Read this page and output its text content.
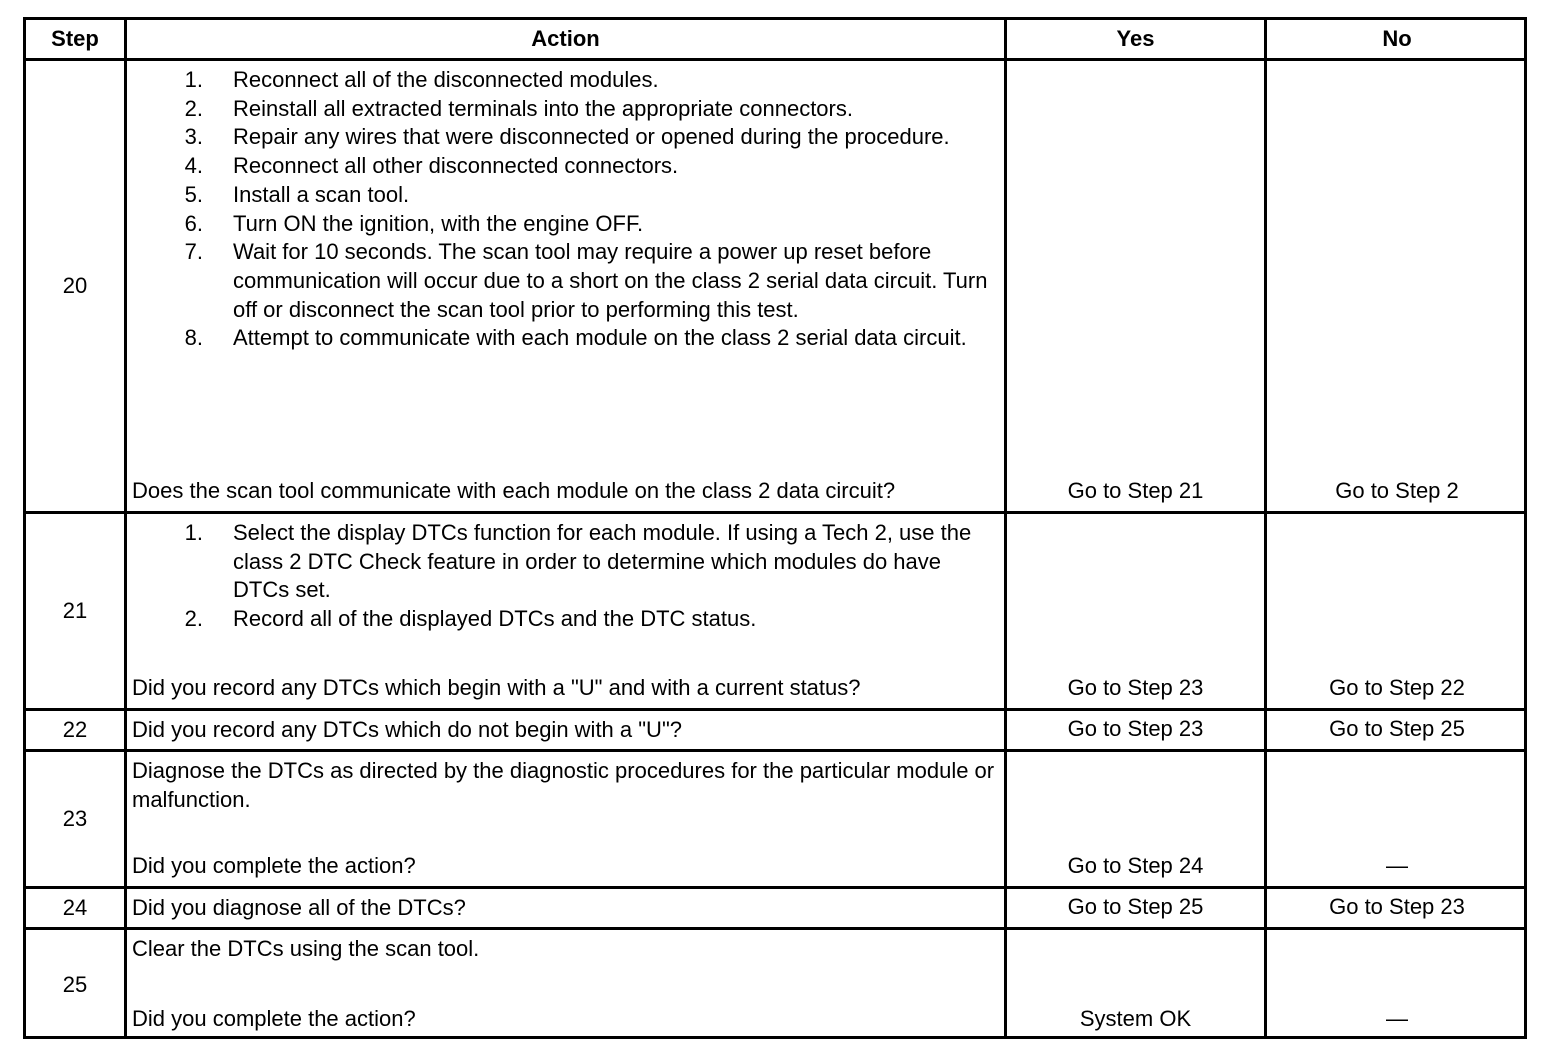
Step	Action	Yes	No
20
1.	Reconnect all of the disconnected modules.
2.	Reinstall all extracted terminals into the appropriate connectors.
3.	Repair any wires that were disconnected or opened during the procedure.
4.	Reconnect all other disconnected connectors.
5.	Install a scan tool.
6.	Turn ON the ignition, with the engine OFF.
7.	Wait for 10 seconds. The scan tool may require a power up reset before communication will occur due to a short on the class 2 serial data circuit. Turn off or disconnect the scan tool prior to performing this test.
8.	Attempt to communicate with each module on the class 2 serial data circuit.
Does the scan tool communicate with each module on the class 2 data circuit?	Go to Step 21	Go to Step 2
21
1.	Select the display DTCs function for each module. If using a Tech 2, use the class 2 DTC Check feature in order to determine which modules do have DTCs set.
2.	Record all of the displayed DTCs and the DTC status.
Did you record any DTCs which begin with a "U" and with a current status?	Go to Step 23	Go to Step 22
22 Did you record any DTCs which do not begin with a "U"?	Go to Step 23	Go to Step 25
23
Diagnose the DTCs as directed by the diagnostic procedures for the particular module or malfunction.
Did you complete the action?	Go to Step 24	—
24 Did you diagnose all of the DTCs?	Go to Step 25	Go to Step 23
25
Clear the DTCs using the scan tool.
Did you complete the action?	System OK	—
